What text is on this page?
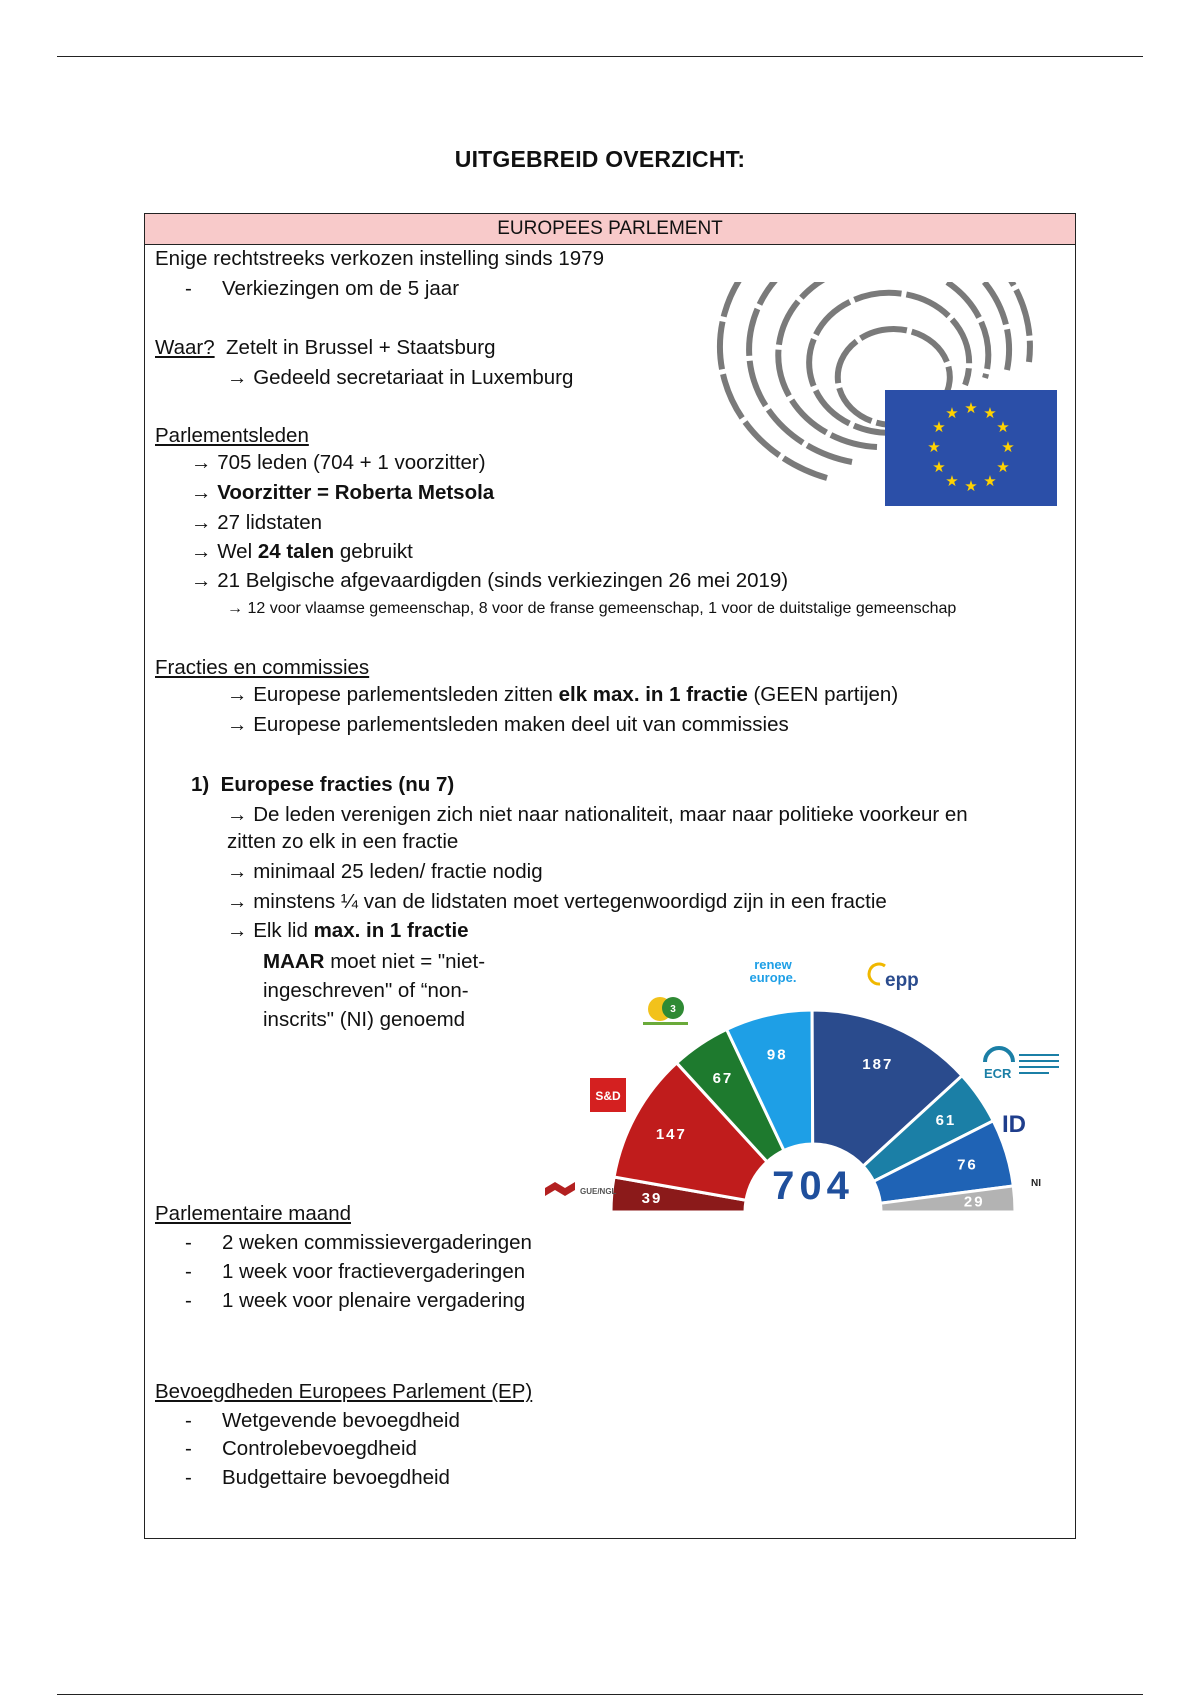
UITGEBREID OVERZICHT:
EUROPEES PARLEMENT
Enige rechtstreeks verkozen instelling sinds 1979
- Verkiezingen om de 5 jaar
Waar? Zetelt in Brussel + Staatsburg
→ Gedeeld secretariaat in Luxemburg
★ ★
★
★
★
★
★
★
★
★
★
★
Parlementsleden
→ 705 leden (704 + 1 voorzitter)
→ Voorzitter = Roberta Metsola
→ 27 lidstaten
→ Wel 24 talen gebruikt
→ 21 Belgische afgevaardigden (sinds verkiezingen 26 mei 2019)
→ 12 voor vlaamse gemeenschap, 8 voor de franse gemeenschap, 1 voor de duitstalige gemeenschap
Fracties en commissies
→ Europese parlementsleden zitten elk max. in 1 fractie (GEEN partijen)
→ Europese parlementsleden maken deel uit van commissies
1) Europese fracties (nu 7)
→ De leden verenigen zich niet naar nationaliteit, maar naar politieke voorkeur en
zitten zo elk in een fractie
→ minimaal 25 leden/ fractie nodig
→ minstens ¼ van de lidstaten moet vertegenwoordigd zijn in een fractie
→ Elk lid max. in 1 fractie
MAAR moet niet = "niet-
ingeschreven" of “non-
inscrits" (NI) genoemd
39
147
67
98
187
61
76
29
704
S&D
GUE/NGL
3
renew
europe.	epp
ECR
ID
NI
Parlementaire maand
- 2 weken commissievergaderingen
- 1 week voor fractievergaderingen
- 1 week voor plenaire vergadering
Bevoegdheden Europees Parlement (EP)
- Wetgevende bevoegdheid
- Controlebevoegdheid
- Budgettaire bevoegdheid
